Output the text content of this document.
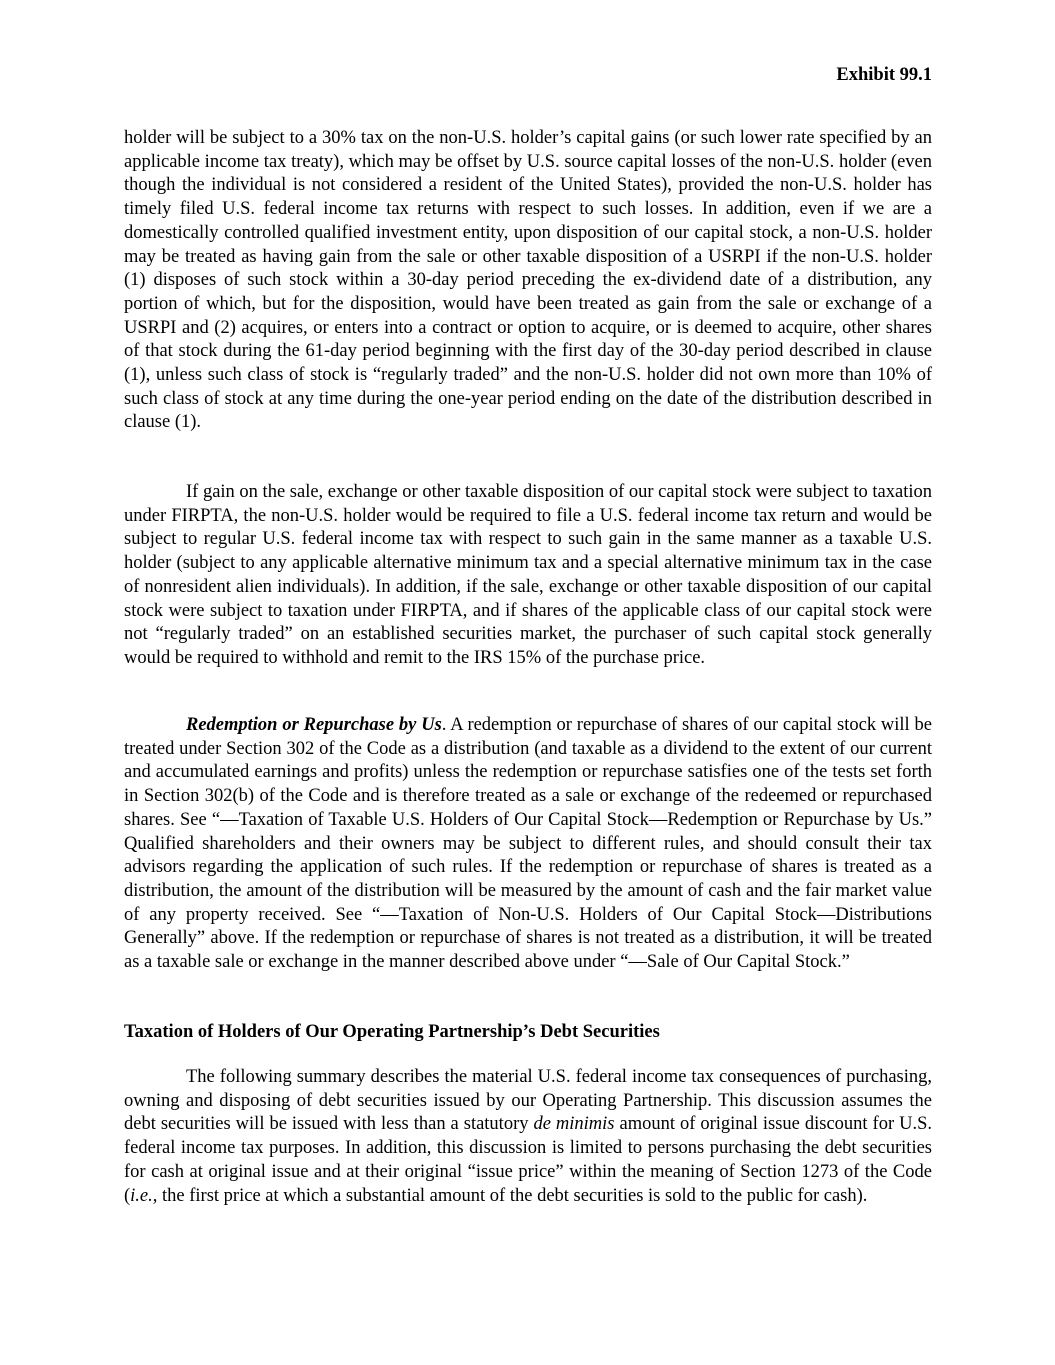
Exhibit 99.1

holder will be subject to a 30% tax on the non-U.S. holder’s capital gains (or such lower rate specified by an applicable income tax treaty), which may be offset by U.S. source capital losses of the non-U.S. holder (even though the individual is not considered a resident of the United States), provided the non-U.S. holder has timely filed U.S. federal income tax returns with respect to such losses. In addition, even if we are a domestically controlled qualified investment entity, upon disposition of our capital stock, a non-U.S. holder may be treated as having gain from the sale or other taxable disposition of a USRPI if the non-U.S. holder (1) disposes of such stock within a 30-day period preceding the ex-dividend date of a distribution, any portion of which, but for the disposition, would have been treated as gain from the sale or exchange of a USRPI and (2) acquires, or enters into a contract or option to acquire, or is deemed to acquire, other shares of that stock during the 61-day period beginning with the first day of the 30-day period described in clause (1), unless such class of stock is “regularly traded” and the non-U.S. holder did not own more than 10% of such class of stock at any time during the one-year period ending on the date of the distribution described in clause (1).

If gain on the sale, exchange or other taxable disposition of our capital stock were subject to taxation under FIRPTA, the non-U.S. holder would be required to file a U.S. federal income tax return and would be subject to regular U.S. federal income tax with respect to such gain in the same manner as a taxable U.S. holder (subject to any applicable alternative minimum tax and a special alternative minimum tax in the case of nonresident alien individuals). In addition, if the sale, exchange or other taxable disposition of our capital stock were subject to taxation under FIRPTA, and if shares of the applicable class of our capital stock were not “regularly traded” on an established securities market, the purchaser of such capital stock generally would be required to withhold and remit to the IRS 15% of the purchase price.

Redemption or Repurchase by Us. A redemption or repurchase of shares of our capital stock will be treated under Section 302 of the Code as a distribution (and taxable as a dividend to the extent of our current and accumulated earnings and profits) unless the redemption or repurchase satisfies one of the tests set forth in Section 302(b) of the Code and is therefore treated as a sale or exchange of the redeemed or repurchased shares. See “—Taxation of Taxable U.S. Holders of Our Capital Stock—Redemption or Repurchase by Us.” Qualified shareholders and their owners may be subject to different rules, and should consult their tax advisors regarding the application of such rules. If the redemption or repurchase of shares is treated as a distribution, the amount of the distribution will be measured by the amount of cash and the fair market value of any property received. See “—Taxation of Non-U.S. Holders of Our Capital Stock—Distributions Generally” above. If the redemption or repurchase of shares is not treated as a distribution, it will be treated as a taxable sale or exchange in the manner described above under “—Sale of Our Capital Stock.”

Taxation of Holders of Our Operating Partnership’s Debt Securities

The following summary describes the material U.S. federal income tax consequences of purchasing, owning and disposing of debt securities issued by our Operating Partnership. This discussion assumes the debt securities will be issued with less than a statutory de minimis amount of original issue discount for U.S. federal income tax purposes. In addition, this discussion is limited to persons purchasing the debt securities for cash at original issue and at their original “issue price” within the meaning of Section 1273 of the Code (i.e., the first price at which a substantial amount of the debt securities is sold to the public for cash).
